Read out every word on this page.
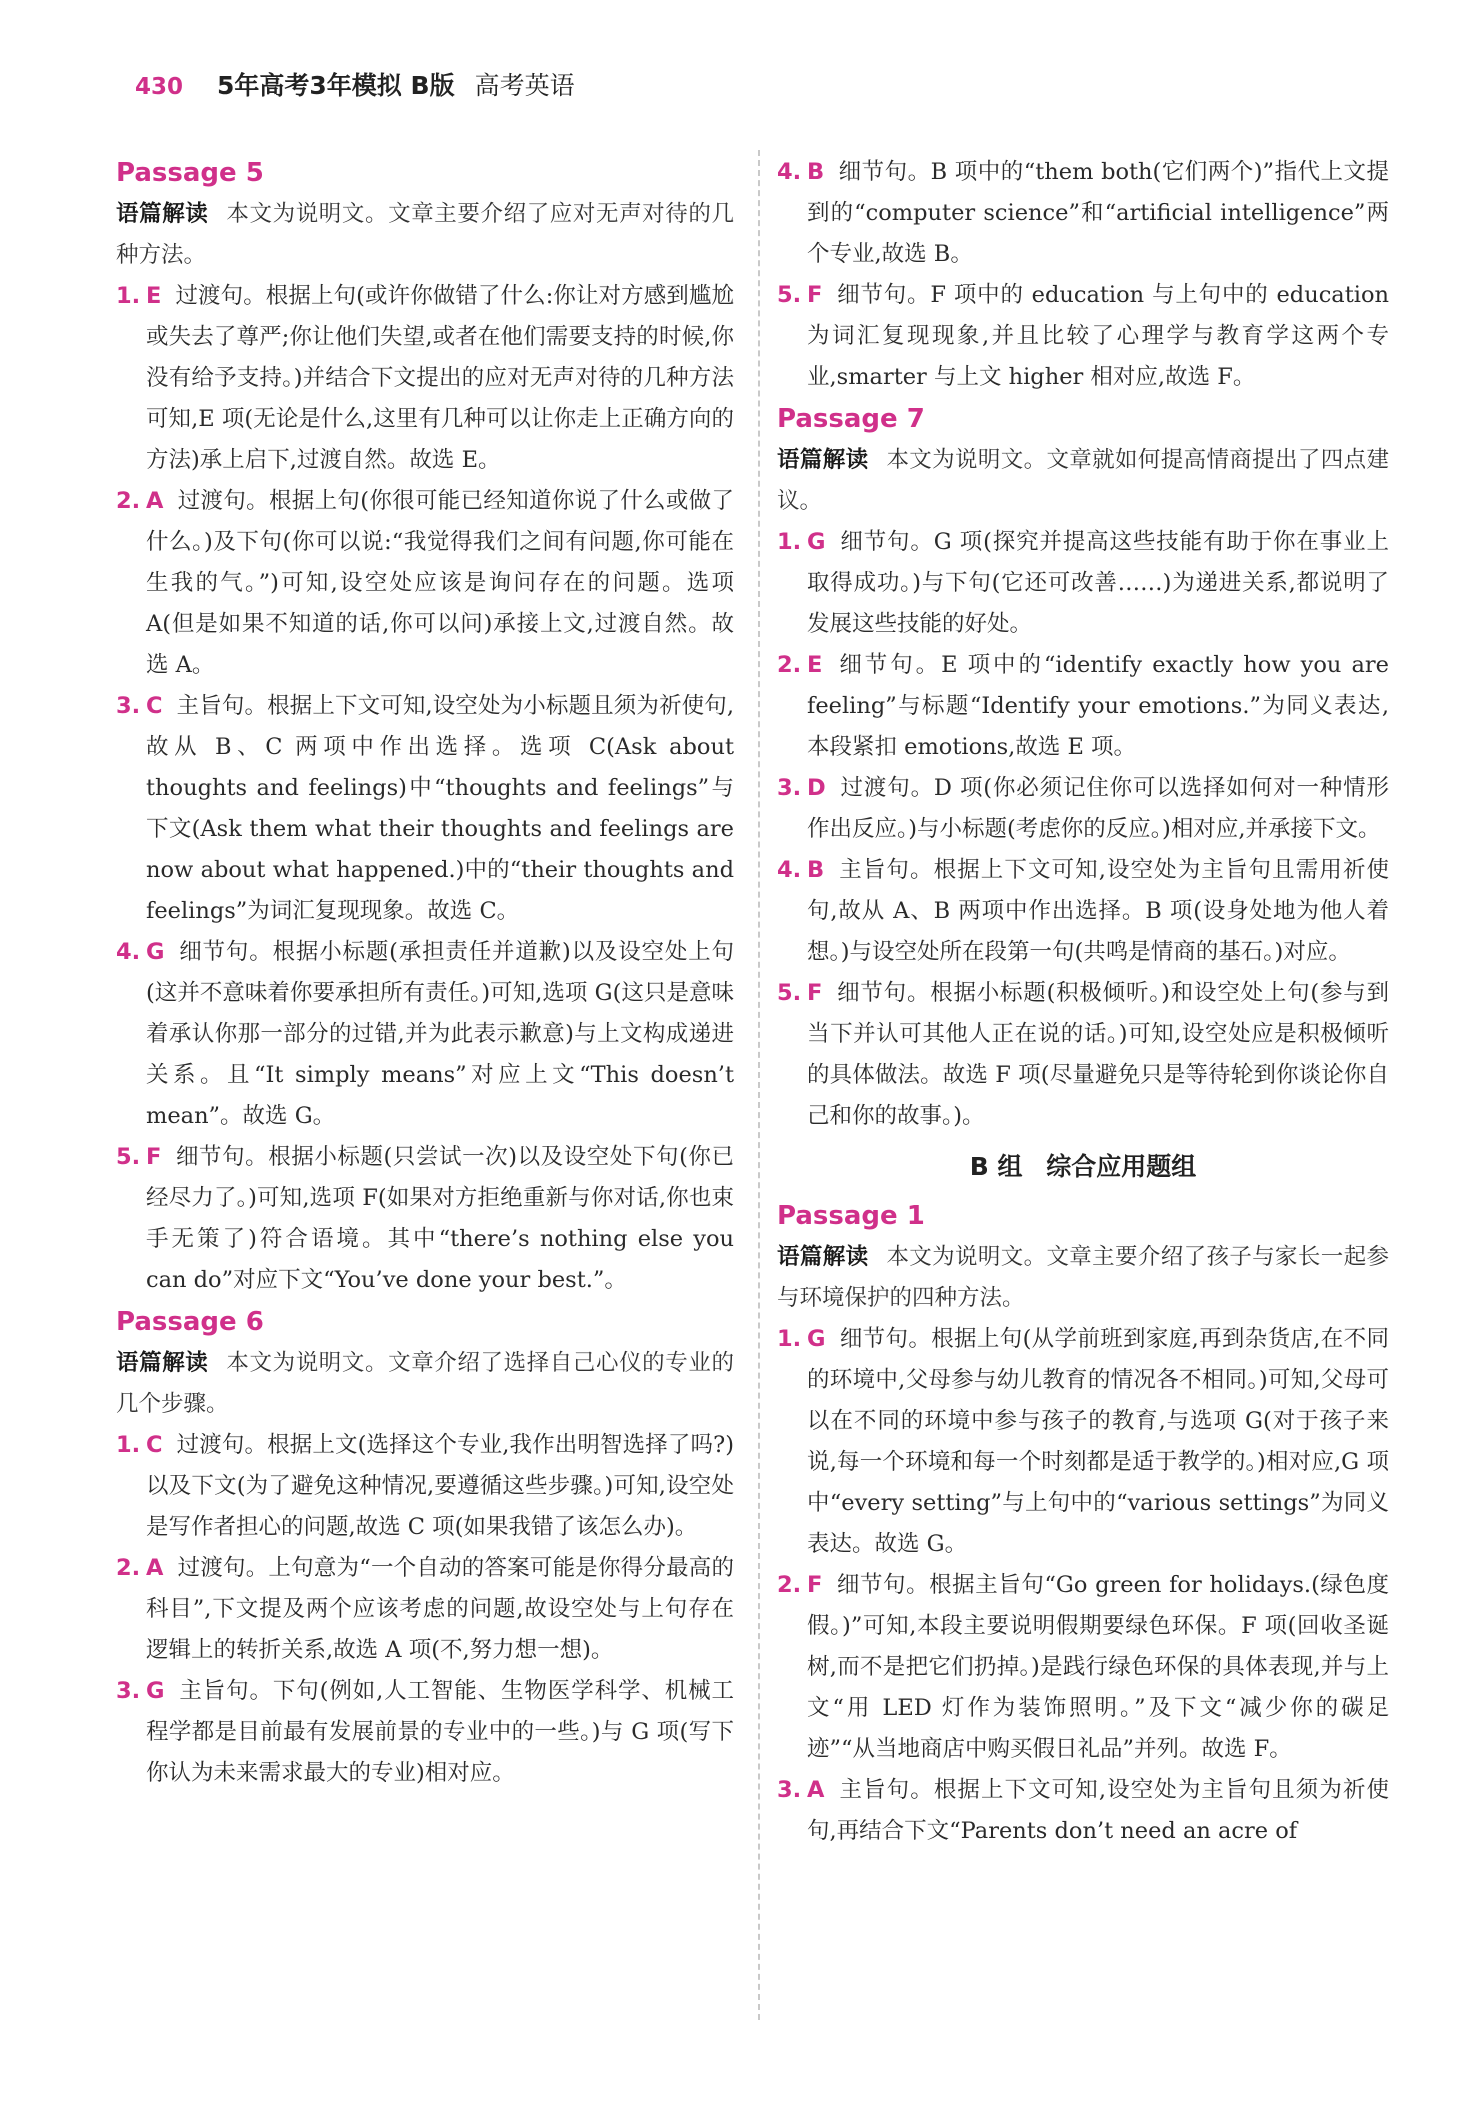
430 5年高考3年模拟 B版 高考英语

Passage 5

语篇解读 本文为说明文。文章主要介绍了应对无声对待的几种方法。

1. E 过渡句。根据上句(或许你做错了什么:你让对方感到尴尬或失去了尊严;你让他们失望,或者在他们需要支持的时候,你没有给予支持。)并结合下文提出的应对无声对待的几种方法可知,E 项(无论是什么,这里有几种可以让你走上正确方向的方法)承上启下,过渡自然。故选 E。

2. A 过渡句。根据上句(你很可能已经知道你说了什么或做了什么。)及下句(你可以说:“我觉得我们之间有问题,你可能在生我的气。”)可知,设空处应该是询问存在的问题。选项 A(但是如果不知道的话,你可以问)承接上文,过渡自然。故选 A。

3. C 主旨句。根据上下文可知,设空处为小标题且须为祈使句,故从 B、C 两项中作出选择。选项 C(Ask about thoughts and feelings)中“thoughts and feelings”与下文(Ask them what their thoughts and feelings are now about what happened.)中的“their thoughts and feelings”为词汇复现现象。故选 C。

4. G 细节句。根据小标题(承担责任并道歉)以及设空处上句(这并不意味着你要承担所有责任。)可知,选项 G(这只是意味着承认你那一部分的过错,并为此表示歉意)与上文构成递进关系。且“It simply means”对应上文“This doesn’t mean”。故选 G。

5. F 细节句。根据小标题(只尝试一次)以及设空处下句(你已经尽力了。)可知,选项 F(如果对方拒绝重新与你对话,你也束手无策了)符合语境。其中“there’s nothing else you can do”对应下文“You’ve done your best.”。

Passage 6

语篇解读 本文为说明文。文章介绍了选择自己心仪的专业的几个步骤。

1. C 过渡句。根据上文(选择这个专业,我作出明智选择了吗?)以及下文(为了避免这种情况,要遵循这些步骤。)可知,设空处是写作者担心的问题,故选 C 项(如果我错了该怎么办)。

2. A 过渡句。上句意为“一个自动的答案可能是你得分最高的科目”,下文提及两个应该考虑的问题,故设空处与上句存在逻辑上的转折关系,故选 A 项(不,努力想一想)。

3. G 主旨句。下句(例如,人工智能、生物医学科学、机械工程学都是目前最有发展前景的专业中的一些。)与 G 项(写下你认为未来需求最大的专业)相对应。

4. B 细节句。B 项中的“them both(它们两个)”指代上文提到的“computer science”和“artificial intelligence”两个专业,故选 B。

5. F 细节句。F 项中的 education 与上句中的 education 为词汇复现现象,并且比较了心理学与教育学这两个专业,smarter 与上文 higher 相对应,故选 F。

Passage 7

语篇解读 本文为说明文。文章就如何提高情商提出了四点建议。

1. G 细节句。G 项(探究并提高这些技能有助于你在事业上取得成功。)与下句(它还可改善……)为递进关系,都说明了发展这些技能的好处。

2. E 细节句。E 项中的“identify exactly how you are feeling”与标题“Identify your emotions.”为同义表达,本段紧扣 emotions,故选 E 项。

3. D 过渡句。D 项(你必须记住你可以选择如何对一种情形作出反应。)与小标题(考虑你的反应。)相对应,并承接下文。

4. B 主旨句。根据上下文可知,设空处为主旨句且需用祈使句,故从 A、B 两项中作出选择。B 项(设身处地为他人着想。)与设空处所在段第一句(共鸣是情商的基石。)对应。

5. F 细节句。根据小标题(积极倾听。)和设空处上句(参与到当下并认可其他人正在说的话。)可知,设空处应是积极倾听的具体做法。故选 F 项(尽量避免只是等待轮到你谈论你自己和你的故事。)。

B 组 综合应用题组

Passage 1

语篇解读 本文为说明文。文章主要介绍了孩子与家长一起参与环境保护的四种方法。

1. G 细节句。根据上句(从学前班到家庭,再到杂货店,在不同的环境中,父母参与幼儿教育的情况各不相同。)可知,父母可以在不同的环境中参与孩子的教育,与选项 G(对于孩子来说,每一个环境和每一个时刻都是适于教学的。)相对应,G 项中“every setting”与上句中的“various settings”为同义表达。故选 G。

2. F 细节句。根据主旨句“Go green for holidays.(绿色度假。)”可知,本段主要说明假期要绿色环保。F 项(回收圣诞树,而不是把它们扔掉。)是践行绿色环保的具体表现,并与上文“用 LED 灯作为装饰照明。”及下文“减少你的碳足迹”“从当地商店中购买假日礼品”并列。故选 F。

3. A 主旨句。根据上下文可知,设空处为主旨句且须为祈使句,再结合下文“Parents don’t need an acre of
